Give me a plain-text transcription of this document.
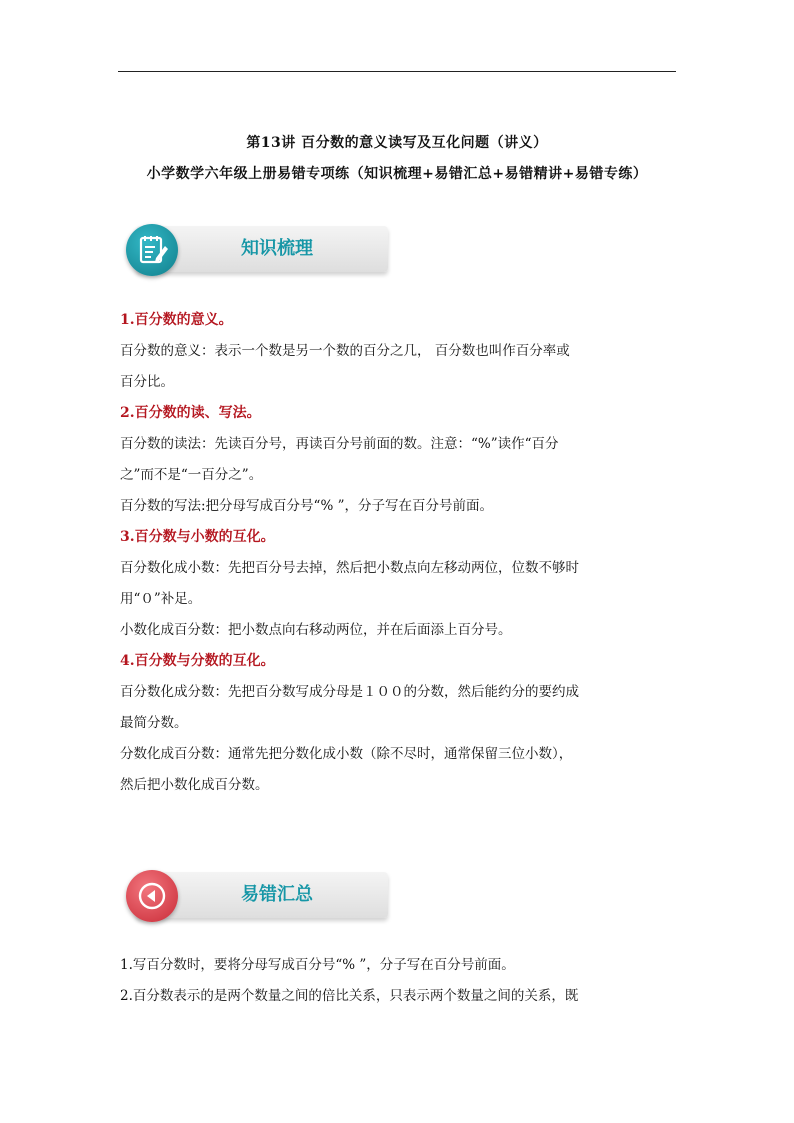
第13讲 百分数的意义读写及互化问题（讲义）
小学数学六年级上册易错专项练（知识梳理+易错汇总+易错精讲+易错专练）
知识梳理
1.百分数的意义。
百分数的意义：表示一个数是另一个数的百分之几， 百分数也叫作百分率或
百分比。
2.百分数的读、写法。
百分数的读法：先读百分号，再读百分号前面的数。注意：“%”读作“百分
之”而不是“一百分之”。
百分数的写法:把分母写成百分号“% ”，分子写在百分号前面。
3.百分数与小数的互化。
百分数化成小数：先把百分号去掉，然后把小数点向左移动两位，位数不够时
用“０”补足。
小数化成百分数：把小数点向右移动两位，并在后面添上百分号。
4.百分数与分数的互化。
百分数化成分数：先把百分数写成分母是１００的分数，然后能约分的要约成
最简分数。
分数化成百分数：通常先把分数化成小数（除不尽时，通常保留三位小数），
然后把小数化成百分数。
易错汇总
1.写百分数时，要将分母写成百分号“% ”，分子写在百分号前面。
2.百分数表示的是两个数量之间的倍比关系，只表示两个数量之间的关系，既
